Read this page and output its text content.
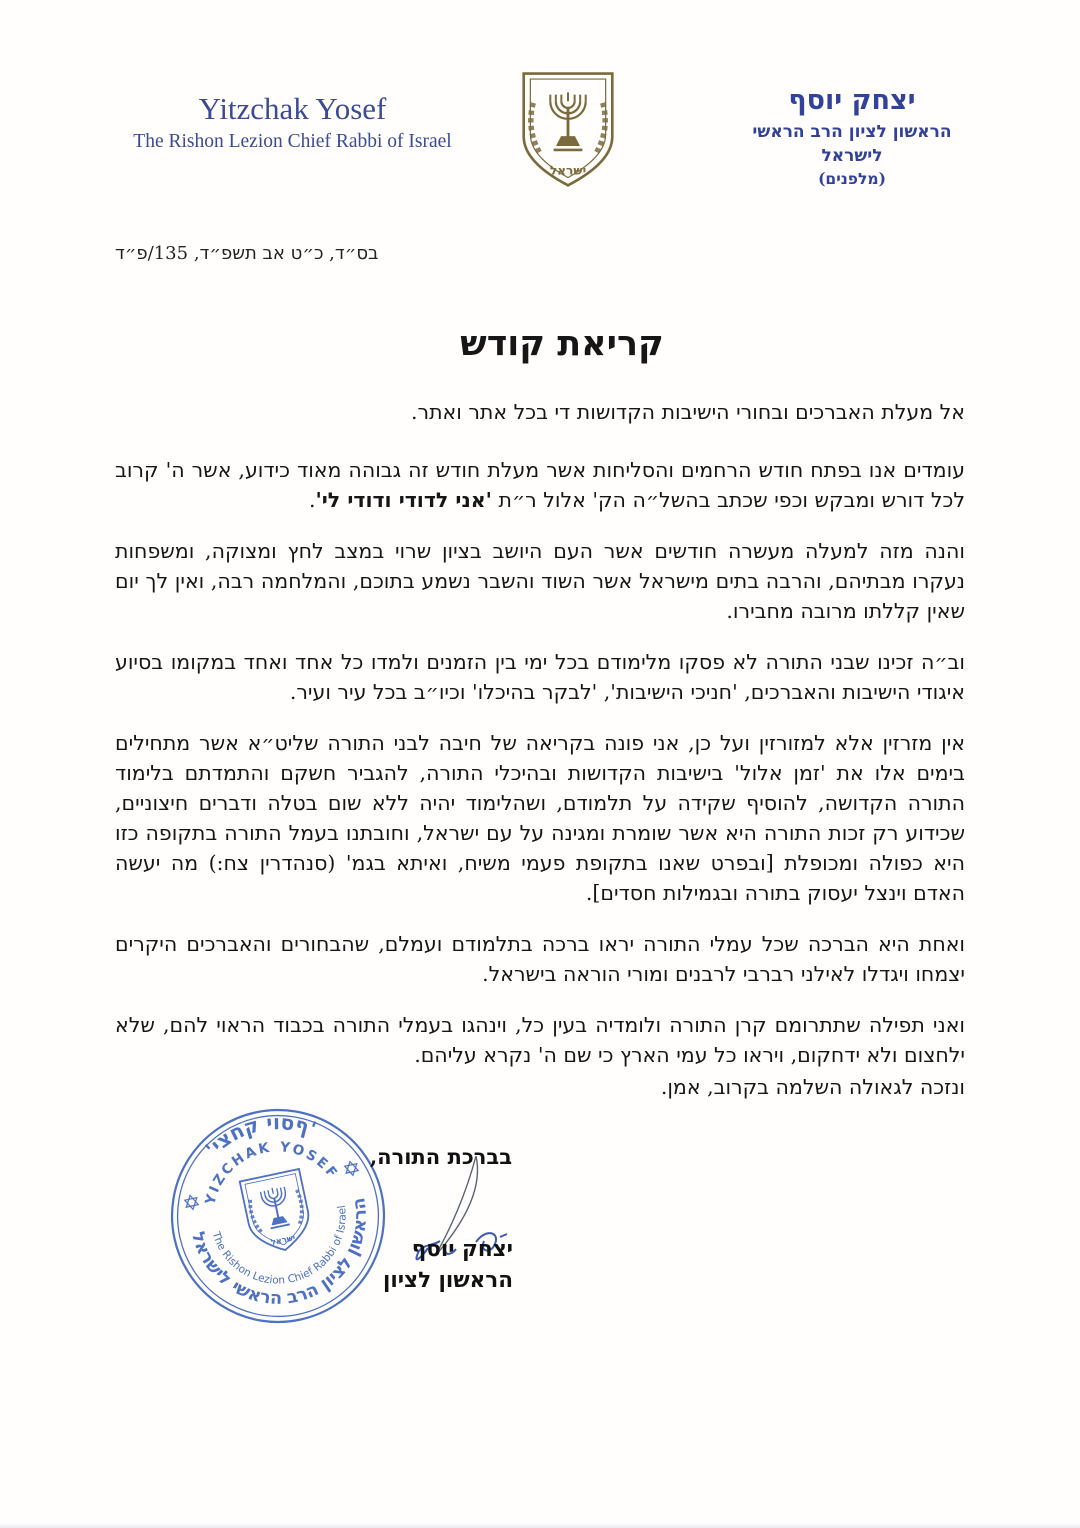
Yitzchak Yosef
The Rishon Lezion Chief Rabbi of Israel
יצחק יוסף
הראשון לציון הרב הראשי לישראל
(מלפנים)
בס״ד, כ״ט אב תשפ״ד, 135/פ״ד
קריאת קודש

אל מעלת האברכים ובחורי הישיבות הקדושות די בכל אתר ואתר.

עומדים אנו בפתח חודש הרחמים והסליחות אשר מעלת חודש זה גבוהה מאוד כידוע, אשר ה' קרוב לכל דורש ומבקש וכפי שכתב בהשל״ה הק' אלול ר״ת 'אני לדודי ודודי לי'.

והנה מזה למעלה מעשרה חודשים אשר העם היושב בציון שרוי במצב לחץ ומצוקה, ומשפחות נעקרו מבתיהם, והרבה בתים מישראל אשר השוד והשבר נשמע בתוכם, והמלחמה רבה, ואין לך יום שאין קללתו מרובה מחבירו.

וב״ה זכינו שבני התורה לא פסקו מלימודם בכל ימי בין הזמנים ולמדו כל אחד ואחד במקומו בסיוע איגודי הישיבות והאברכים, 'חניכי הישיבות', 'לבקר בהיכלו' וכיו״ב בכל עיר ועיר.

אין מזרזין אלא למזורזין ועל כן, אני פונה בקריאה של חיבה לבני התורה שליט״א אשר מתחילים בימים אלו את 'זמן אלול' בישיבות הקדושות ובהיכלי התורה, להגביר חשקם והתמדתם בלימוד התורה הקדושה, להוסיף שקידה על תלמודם, ושהלימוד יהיה ללא שום בטלה ודברים חיצוניים, שכידוע רק זכות התורה היא אשר שומרת ומגינה על עם ישראל, וחובתנו בעמל התורה בתקופה כזו היא כפולה ומכופלת [ובפרט שאנו בתקופת פעמי משיח, ואיתא בגמ' (סנהדרין צח:) מה יעשה האדם וינצל יעסוק בתורה ובגמילות חסדים].

ואחת היא הברכה שכל עמלי התורה יראו ברכה בתלמודם ועמלם, שהבחורים והאברכים היקרים יצמחו ויגדלו לאילני רברבי לרבנים ומורי הוראה בישראל.

ואני תפילה שתתרומם קרן התורה ולומדיה בעין כל, וינהגו בעמלי התורה בכבוד הראוי להם, שלא ילחצום ולא ידחקום, ויראו כל עמי הארץ כי שם ה' נקרא עליהם.

ונזכה לגאולה השלמה בקרוב, אמן.

‭'יצחק יוסף'‬
הראשון לציון הרב הראשי לישראל
YIZCHAK YOSEF
The Rishon Lezion Chief Rabbi of Israel
בברכת התורה,
יצחק יוסף
הראשון לציון
